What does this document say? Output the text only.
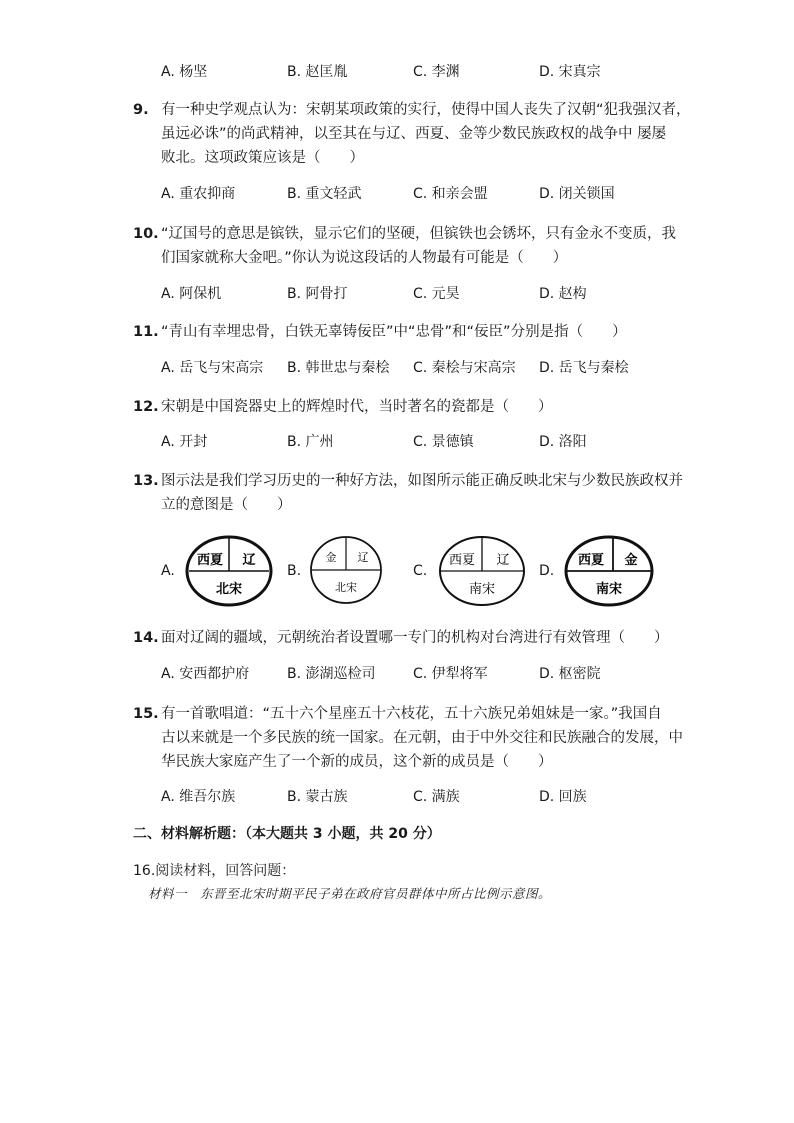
A. 杨坚	B. 赵匡胤	C. 李渊	D. 宋真宗
9. 有一种史学观点认为：宋朝某项政策的实行，使得中国人丧失了汉朝“犯我强汉者，
虽远必诛”的尚武精神，以至其在与辽、西夏、金等少数民族政权的战争中 屡屡
败北。这项政策应该是（　　）
A. 重农抑商	B. 重文轻武	C. 和亲会盟	D. 闭关锁国
10. “辽国号的意思是镔铁，显示它们的坚硬，但镔铁也会锈坏，只有金永不变质，我
们国家就称大金吧。”你认为说这段话的人物最有可能是（　　）
A. 阿保机	B. 阿骨打	C. 元昊	D. 赵构
11. “青山有幸埋忠骨，白铁无辜铸佞臣”中“忠骨”和“佞臣”分别是指（　　）
A. 岳飞与宋高宗 B. 韩世忠与秦桧 C. 秦桧与宋高宗 D. 岳飞与秦桧
12. 宋朝是中国瓷器史上的辉煌时代，当时著名的瓷都是（　　）
A. 开封	B. 广州	C. 景德镇	D. 洛阳
13. 图示法是我们学习历史的一种好方法，如图所示能正确反映北宋与少数民族政权并
立的意图是（　　）
A.	B.	C.	D.
西夏 辽
北宋
金 辽
北宋
西夏 辽
南宋
西夏 金
南宋
14. 面对辽阔的疆域，元朝统治者设置哪一专门的机构对台湾进行有效管理（　　）
A. 安西都护府	B. 澎湖巡检司	C. 伊犁将军	D. 枢密院
15. 有一首歌唱道：“五十六个星座五十六枝花，五十六族兄弟姐妹是一家。”我国自
古以来就是一个多民族的统一国家。在元朝，由于中外交往和民族融合的发展，中
华民族大家庭产生了一个新的成员，这个新的成员是（　　）
A. 维吾尔族	B. 蒙古族	C. 满族	D. 回族
二、材料解析题：（本大题共 3 小题，共 20 分）
16.阅读材料，回答问题：
材料一　东晋至北宋时期平民子弟在政府官员群体中所占比例示意图。
